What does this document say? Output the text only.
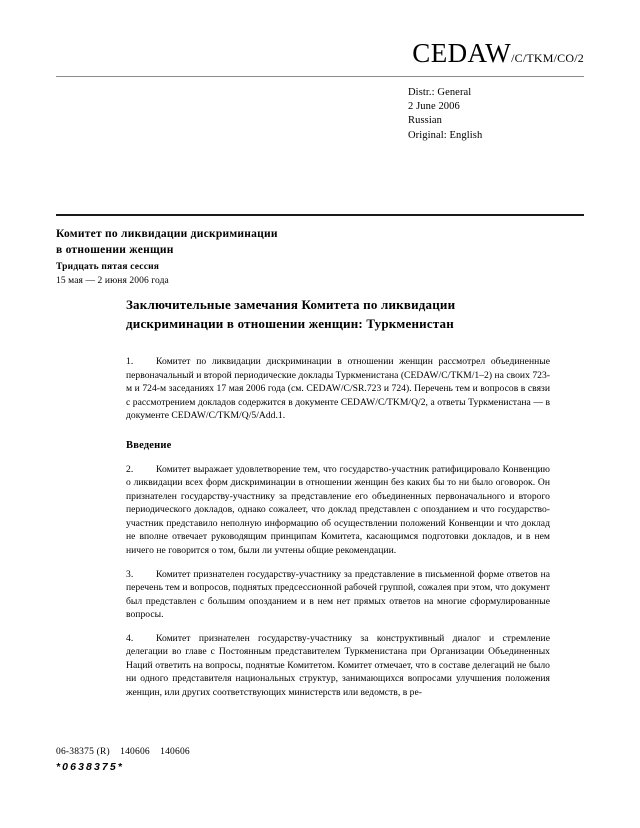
CEDAW/C/TKM/CO/2
Distr.: General
2 June 2006
Russian
Original: English
Комитет по ликвидации дискриминации
в отношении женщин
Тридцать пятая сессия
15 мая — 2 июня 2006 года
Заключительные замечания Комитета по ликвидации дискриминации в отношении женщин: Туркменистан

1. Комитет по ликвидации дискриминации в отношении женщин рассмотрел объединенные первоначальный и второй периодические доклады Туркменистана (CEDAW/C/TKM/1–2) на своих 723-м и 724-м заседаниях 17 мая 2006 года (см. CEDAW/C/SR.723 и 724). Перечень тем и вопросов в связи с рассмотрением докладов содержится в документе CEDAW/C/TKM/Q/2, а ответы Туркменистана — в документе CEDAW/C/TKM/Q/5/Add.1.

Введение

2. Комитет выражает удовлетворение тем, что государство-участник ратифицировало Конвенцию о ликвидации всех форм дискриминации в отношении женщин без каких бы то ни было оговорок. Он признателен государству-участнику за представление его объединенных первоначального и второго периодического докладов, однако сожалеет, что доклад представлен с опозданием и что государство-участник представило неполную информацию об осуществлении положений Конвенции и что доклад не вполне отвечает руководящим принципам Комитета, касающимся подготовки докладов, и в нем ничего не говорится о том, были ли учтены общие рекомендации.

3. Комитет признателен государству-участнику за представление в письменной форме ответов на перечень тем и вопросов, поднятых предсессионной рабочей группой, сожалея при этом, что документ был представлен с большим опозданием и в нем нет прямых ответов на многие сформулированные вопросы.

4. Комитет признателен государству-участнику за конструктивный диалог и стремление делегации во главе с Постоянным представителем Туркменистана при Организации Объединенных Наций ответить на вопросы, поднятые Комитетом. Комитет отмечает, что в составе делегаций не было ни одного представителя национальных структур, занимающихся вопросами улучшения положения женщин, или других соответствующих министерств или ведомств, в ре-

06-38375 (R)    140606    140606
*0638375*
